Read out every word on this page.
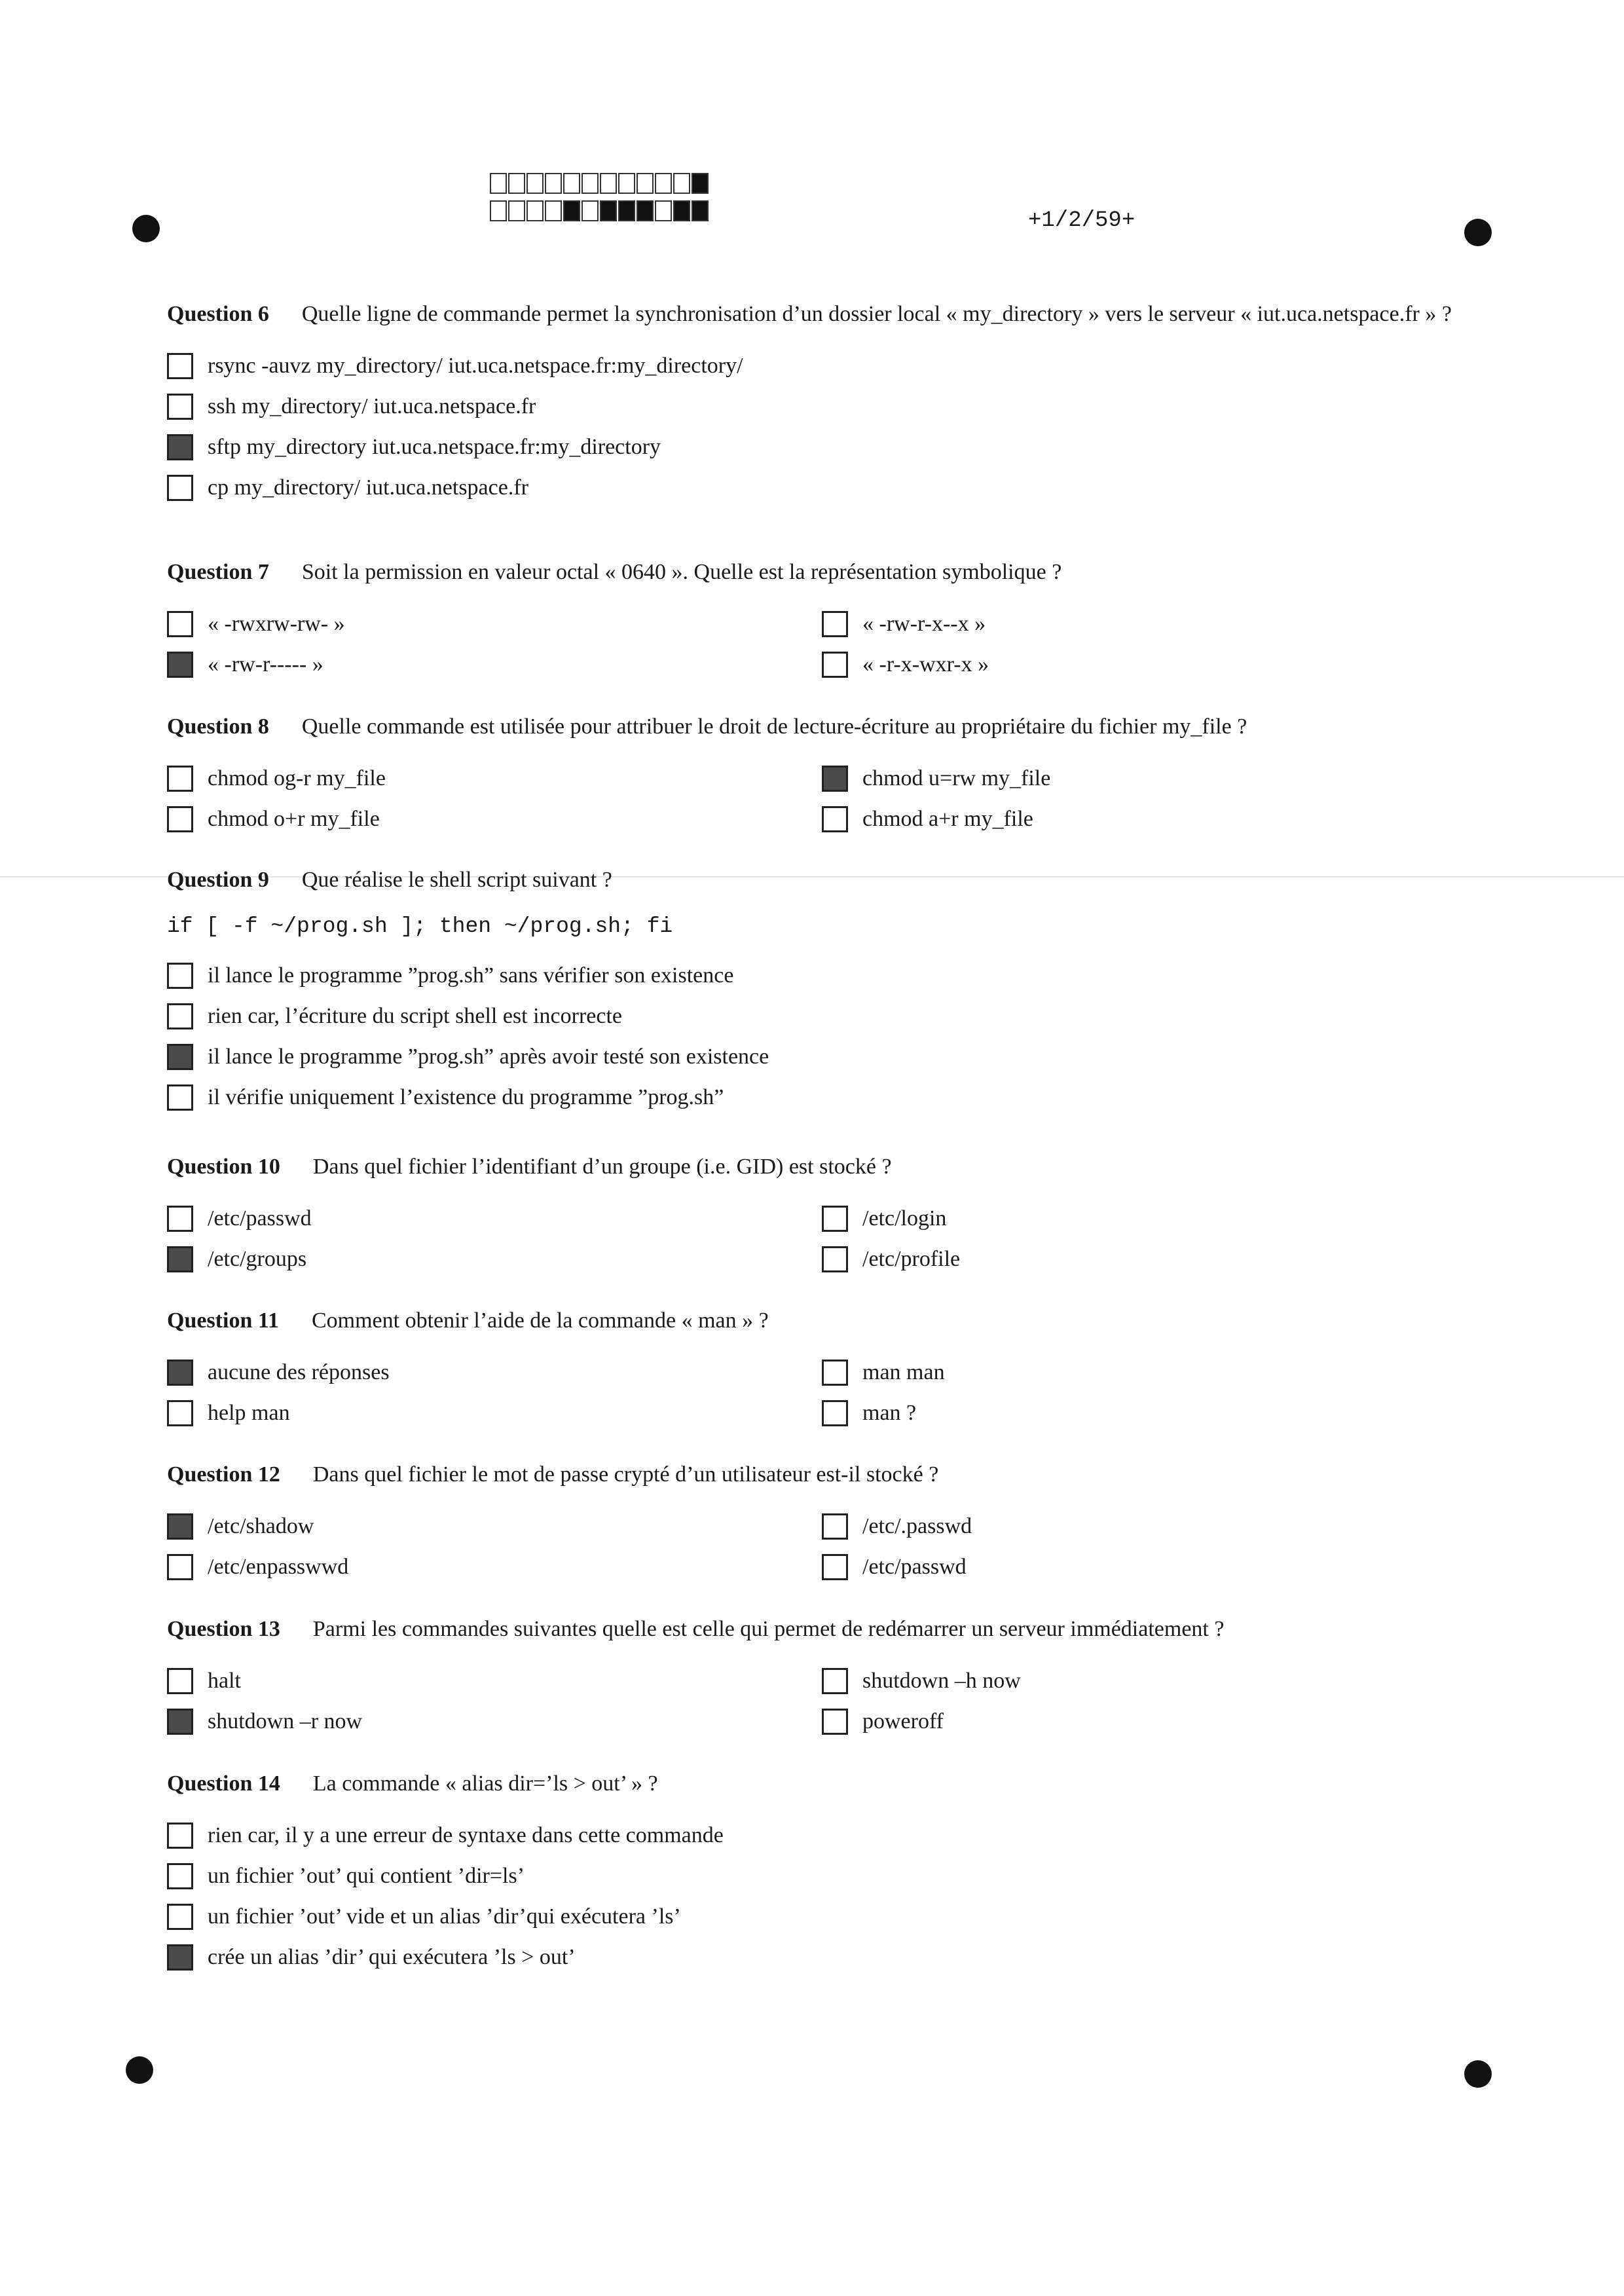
+1/2/59+
Question 6 Quelle ligne de commande permet la synchronisation d’un dossier local « my_directory » vers le serveur « iut.uca.netspace.fr » ?
rsync -auvz my_directory/ iut.uca.netspace.fr:my_directory/
ssh my_directory/ iut.uca.netspace.fr
sftp my_directory iut.uca.netspace.fr:my_directory
cp my_directory/ iut.uca.netspace.fr
Question 7 Soit la permission en valeur octal « 0640 ». Quelle est la représentation symbolique ?
« -rwxrw-rw- »	« -rw-r-x--x »
« -rw-r----- »	« -r-x-wxr-x »
Question 8 Quelle commande est utilisée pour attribuer le droit de lecture-écriture au propriétaire du fichier my_file ?
chmod og-r my_file	chmod u=rw my_file
chmod o+r my_file	chmod a+r my_file
Question 9 Que réalise le shell script suivant ?
if [ -f ~/prog.sh ]; then ~/prog.sh; fi
il lance le programme ”prog.sh” sans vérifier son existence
rien car, l’écriture du script shell est incorrecte
il lance le programme ”prog.sh” après avoir testé son existence
il vérifie uniquement l’existence du programme ”prog.sh”
Question 10 Dans quel fichier l’identifiant d’un groupe (i.e. GID) est stocké ?
/etc/passwd	/etc/login
/etc/groups	/etc/profile
Question 11 Comment obtenir l’aide de la commande « man » ?
aucune des réponses	man man
help man	man ?
Question 12 Dans quel fichier le mot de passe crypté d’un utilisateur est-il stocké ?
/etc/shadow	/etc/.passwd
/etc/enpasswwd	/etc/passwd
Question 13 Parmi les commandes suivantes quelle est celle qui permet de redémarrer un serveur immédiatement ?
halt	shutdown –h now
shutdown –r now	poweroff
Question 14 La commande « alias dir=’ls > out’ » ?
rien car, il y a une erreur de syntaxe dans cette commande
un fichier ’out’ qui contient ’dir=ls’
un fichier ’out’ vide et un alias ’dir’qui exécutera ’ls’
crée un alias ’dir’ qui exécutera ’ls > out’
